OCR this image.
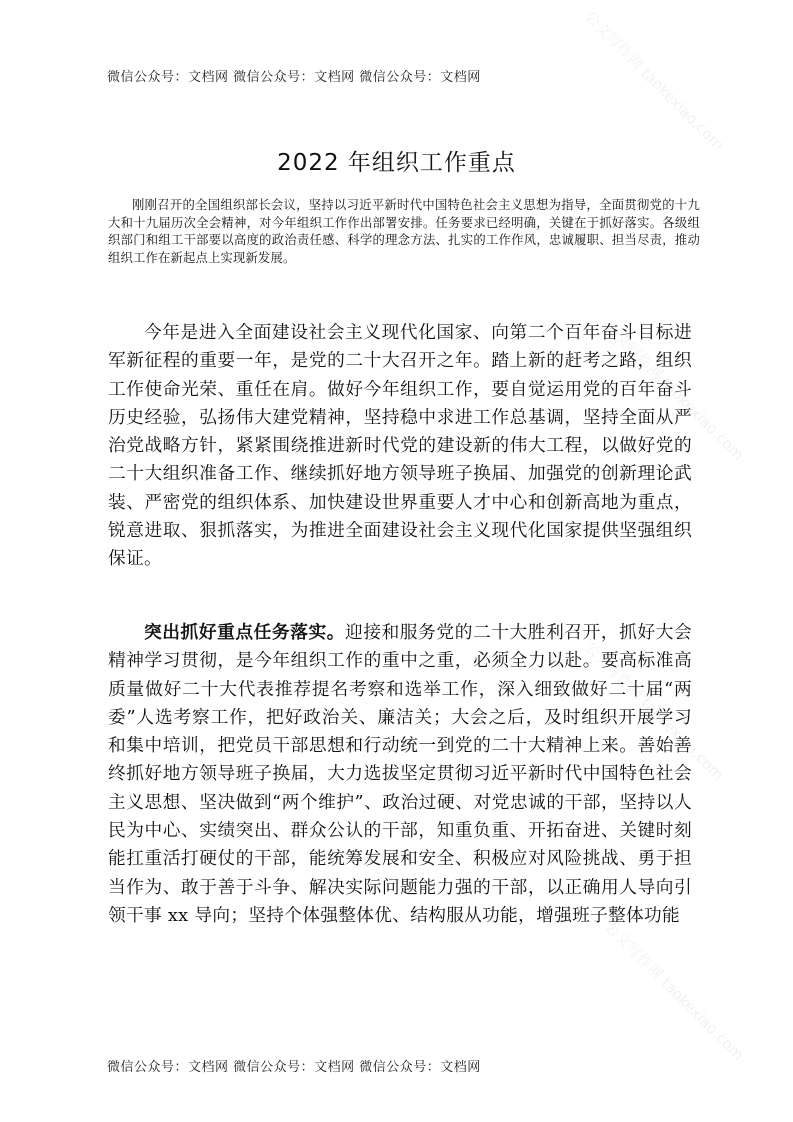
微信公众号：文档网 微信公众号：文档网 微信公众号：文档网
2022 年组织工作重点

刚刚召开的全国组织部长会议，坚持以习近平新时代中国特色社会主义思想为指导，全面贯彻党的十九大和十九届历次全会精神，对今年组织工作作出部署安排。任务要求已经明确，关键在于抓好落实。各级组织部门和组工干部要以高度的政治责任感、科学的理念方法、扎实的工作作风，忠诚履职、担当尽责，推动组织工作在新起点上实现新发展。

今年是进入全面建设社会主义现代化国家、向第二个百年奋斗目标进军新征程的重要一年，是党的二十大召开之年。踏上新的赶考之路，组织工作使命光荣、重任在肩。做好今年组织工作，要自觉运用党的百年奋斗历史经验，弘扬伟大建党精神，坚持稳中求进工作总基调，坚持全面从严治党战略方针，紧紧围绕推进新时代党的建设新的伟大工程，以做好党的二十大组织准备工作、继续抓好地方领导班子换届、加强党的创新理论武装、严密党的组织体系、加快建设世界重要人才中心和创新高地为重点，锐意进取、狠抓落实，为推进全面建设社会主义现代化国家提供坚强组织保证。

突出抓好重点任务落实。迎接和服务党的二十大胜利召开，抓好大会精神学习贯彻，是今年组织工作的重中之重，必须全力以赴。要高标准高质量做好二十大代表推荐提名考察和选举工作，深入细致做好二十届“两委”人选考察工作，把好政治关、廉洁关；大会之后，及时组织开展学习和集中培训，把党员干部思想和行动统一到党的二十大精神上来。善始善终抓好地方领导班子换届，大力选拔坚定贯彻习近平新时代中国特色社会主义思想、坚决做到“两个维护”、政治过硬、对党忠诚的干部，坚持以人民为中心、实绩突出、群众公认的干部，知重负重、开拓奋进、关键时刻能扛重活打硬仗的干部，能统筹发展和安全、积极应对风险挑战、勇于担当作为、敢于善于斗争、解决实际问题能力强的干部，以正确用人导向引领干事 xx 导向；坚持个体强整体优、结构服从功能，增强班子整体功能

微信公众号：文档网 微信公众号：文档网 微信公众号：文档网
公文写作网 taokexiao.com
公文写作网 taokexiao.com
公文写作网 taokexiao.com
公文写作网 taokexiao.com
